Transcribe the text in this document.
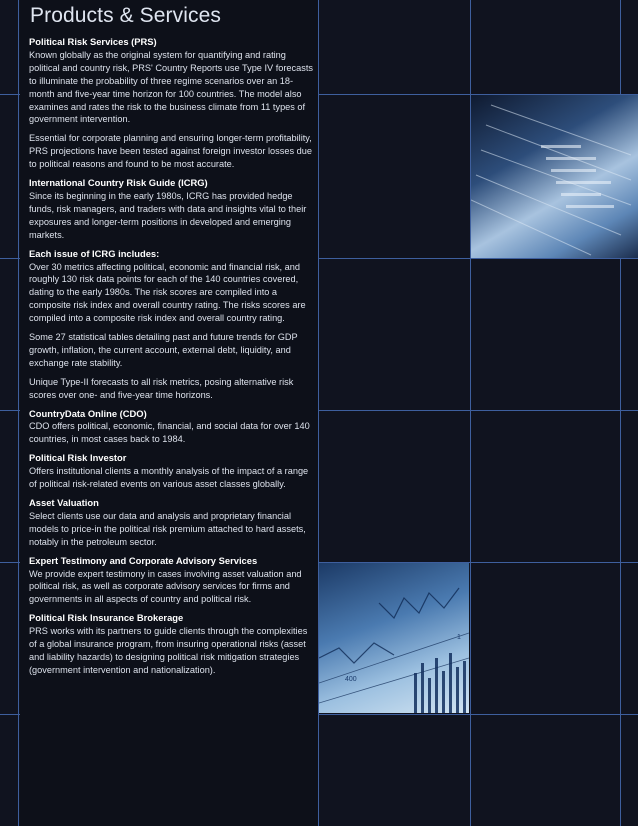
400
1
Products & Services
Political Risk Services (PRS)

Known globally as the original system for quantifying and rating political and country risk, PRS' Country Reports use Type IV forecasts to illuminate the probability of three regime scenarios over an 18-month and five-year time horizon for 100 countries. The model also examines and rates the risk to the business climate from 11 types of government intervention.

Essential for corporate planning and ensuring longer-term profitability, PRS projections have been tested against foreign investor losses due to political reasons and found to be most accurate.

International Country Risk Guide (ICRG)

Since its beginning in the early 1980s, ICRG has provided hedge funds, risk managers, and traders with data and insights vital to their exposures and longer-term positions in developed and emerging markets.

Each issue of ICRG includes:

Over 30 metrics affecting political, economic and financial risk, and roughly 130 risk data points for each of the 140 countries covered, dating to the early 1980s. The risk scores are compiled into a composite risk index and overall country rating. The risks scores are compiled into a composite risk index and overall country rating.

Some 27 statistical tables detailing past and future trends for GDP growth, inflation, the current account, external debt, liquidity, and exchange rate stability.

Unique Type-II forecasts to all risk metrics, posing alternative risk scores over one- and five-year time horizons.

CountryData Online (CDO)

CDO offers political, economic, financial, and social data for over 140 countries, in most cases back to 1984.

Political Risk Investor

Offers institutional clients a monthly analysis of the impact of a range of political risk-related events on various asset classes globally.

Asset Valuation

Select clients use our data and analysis and proprietary financial models to price-in the political risk premium attached to hard assets, notably in the petroleum sector.

Expert Testimony and Corporate Advisory Services

We provide expert testimony in cases involving asset valuation and political risk, as well as corporate advisory services for firms and governments in all aspects of country and political risk.

Political Risk Insurance Brokerage

PRS works with its partners to guide clients through the complexities of a global insurance program, from insuring operational risks (asset and liability hazards) to designing political risk mitigation strategies (government intervention and nationalization).
